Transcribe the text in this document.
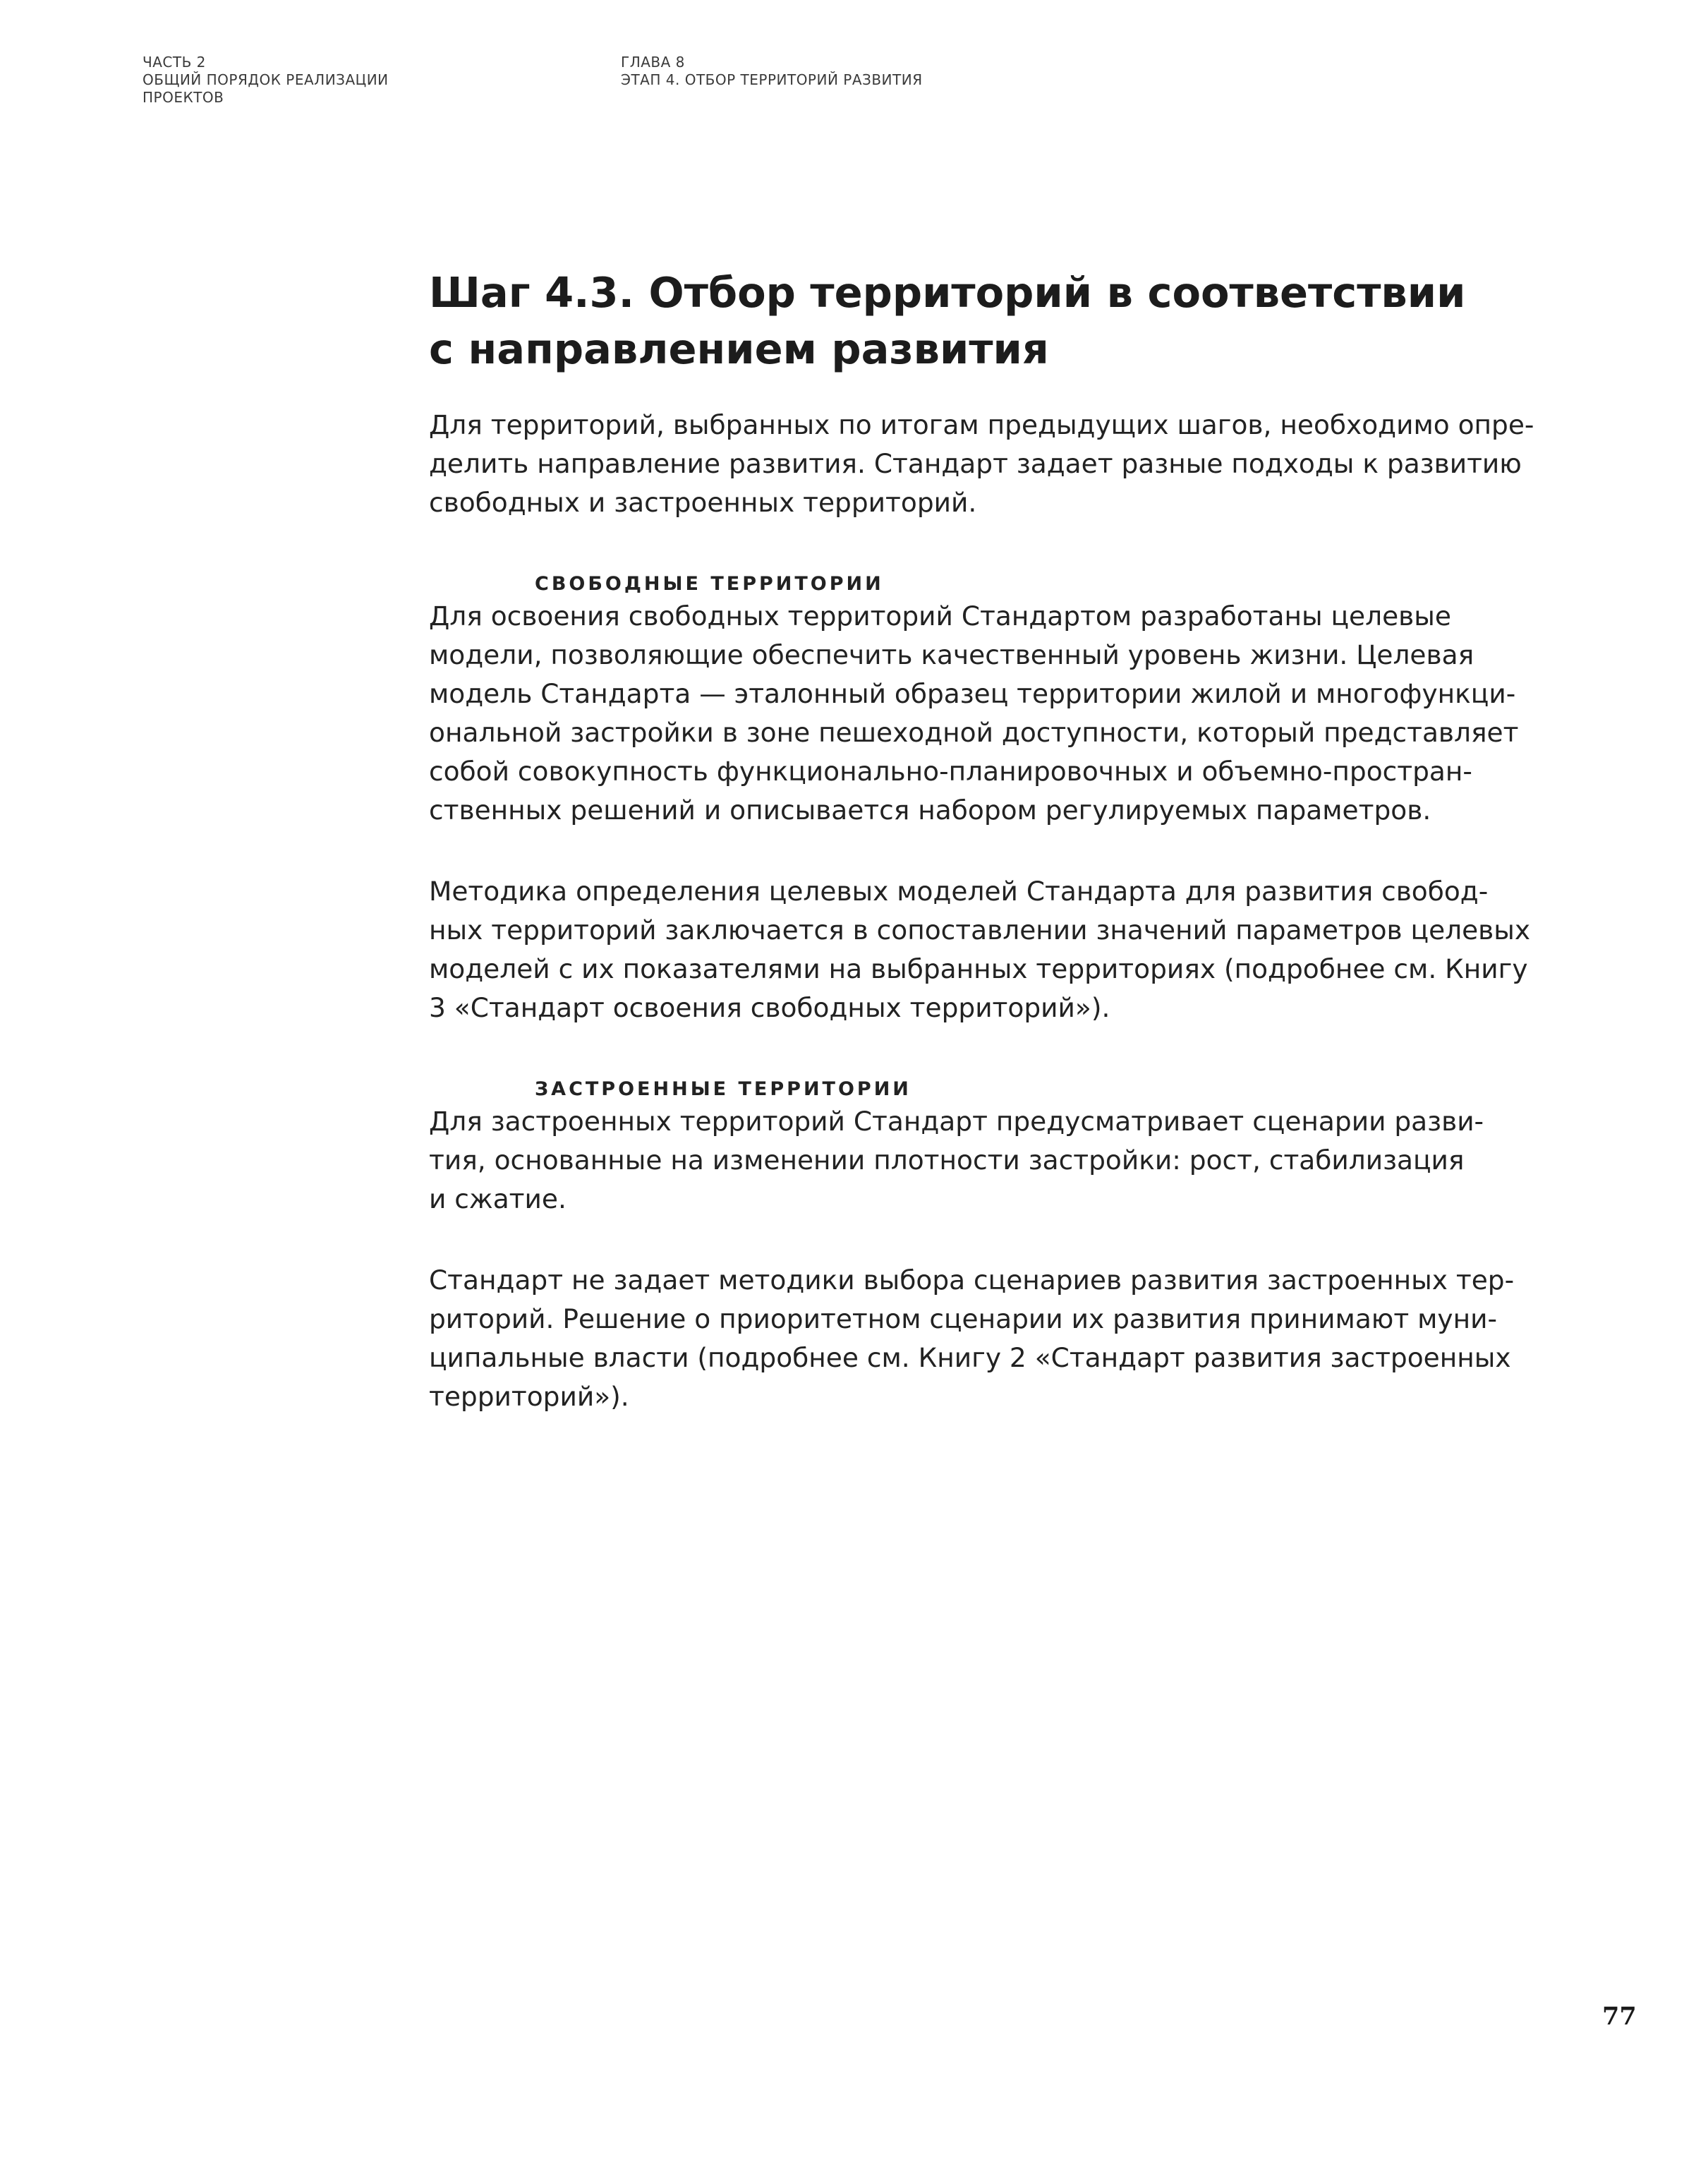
ЧАСТЬ 2
ОБЩИЙ ПОРЯДОК РЕАЛИЗАЦИИ
ПРОЕКТОВ
ГЛАВА 8
ЭТАП 4. ОТБОР ТЕРРИТОРИЙ РАЗВИТИЯ
Шаг 4.3. Отбор территорий в соответствии
с направлением развития
Для территорий, выбранных по итогам предыдущих шагов, необходимо опре-
делить направление развития. Стандарт задает разные подходы к развитию
свободных и застроенных территорий.
СВОБОДНЫЕ ТЕРРИТОРИИ
Для освоения свободных территорий Стандартом разработаны целевые
модели, позволяющие обеспечить качественный уровень жизни. Целевая
модель Стандарта — эталонный образец территории жилой и многофункци-
ональной застройки в зоне пешеходной доступности, который представляет
собой совокупность функционально-планировочных и объемно-простран-
ственных решений и описывается набором регулируемых параметров.
Методика определения целевых моделей Стандарта для развития свобод-
ных территорий заключается в сопоставлении значений параметров целевых
моделей с их показателями на выбранных территориях (подробнее см. Книгу
3 «Стандарт освоения свободных территорий»).
ЗАСТРОЕННЫЕ ТЕРРИТОРИИ
Для застроенных территорий Стандарт предусматривает сценарии разви-
тия, основанные на изменении плотности застройки: рост, стабилизация
и сжатие.
Стандарт не задает методики выбора сценариев развития застроенных тер-
риторий. Решение о приоритетном сценарии их развития принимают муни-
ципальные власти (подробнее см. Книгу 2 «Стандарт развития застроенных
территорий»).
77
